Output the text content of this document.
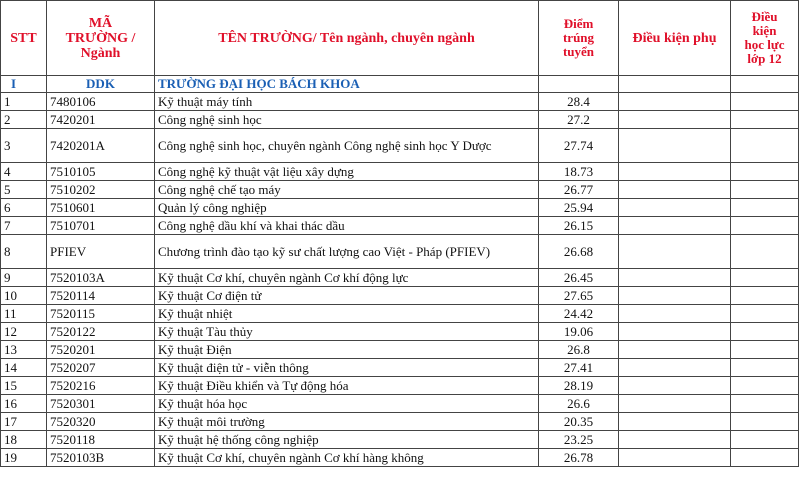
STT	MÃ
TRƯỜNG /
Ngành	TÊN TRƯỜNG/ Tên ngành, chuyên ngành	Điểm
trúng
tuyển	Điều kiện phụ	Điều
kiện
học lực
lớp 12
I	DDK	TRƯỜNG ĐẠI HỌC BÁCH KHOA			
1	7480106	Kỹ thuật máy tính	28.4		
2	7420201	Công nghệ sinh học	27.2		
3	7420201A	Công nghệ sinh học, chuyên ngành Công nghệ sinh học Y Dược	27.74		
4	7510105	Công nghệ kỹ thuật vật liệu xây dựng	18.73		
5	7510202	Công nghệ chế tạo máy	26.77		
6	7510601	Quản lý công nghiệp	25.94		
7	7510701	Công nghệ dầu khí và khai thác dầu	26.15		
8	PFIEV	Chương trình đào tạo kỹ sư chất lượng cao Việt - Pháp (PFIEV)	26.68		
9	7520103A	Kỹ thuật Cơ khí, chuyên ngành Cơ khí động lực	26.45		
10	7520114	Kỹ thuật Cơ điện tử	27.65		
11	7520115	Kỹ thuật nhiệt	24.42		
12	7520122	Kỹ thuật Tàu thủy	19.06		
13	7520201	Kỹ thuật Điện	26.8		
14	7520207	Kỹ thuật điện tử - viễn thông	27.41		
15	7520216	Kỹ thuật Điều khiển và Tự động hóa	28.19		
16	7520301	Kỹ thuật hóa học	26.6		
17	7520320	Kỹ thuật môi trường	20.35		
18	7520118	Kỹ thuật hệ thống công nghiệp	23.25		
19	7520103B	Kỹ thuật Cơ khí, chuyên ngành Cơ khí hàng không	26.78		
